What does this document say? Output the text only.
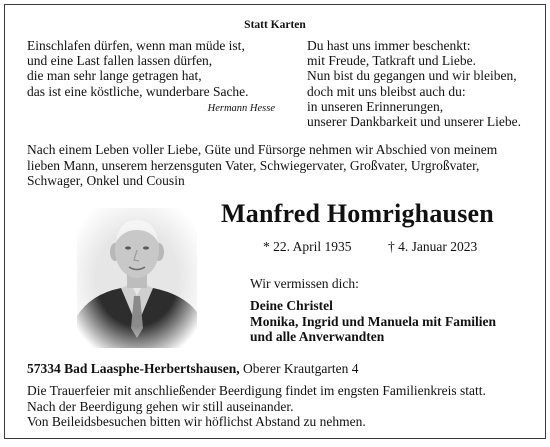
Statt Karten
Einschlafen dürfen, wenn man müde ist,
und eine Last fallen lassen dürfen,
die man sehr lange getragen hat,
das ist eine köstliche, wunderbare Sache.
Hermann Hesse
Du hast uns immer beschenkt:
mit Freude, Tatkraft und Liebe.
Nun bist du gegangen und wir bleiben,
doch mit uns bleibst auch du:
in unseren Erinnerungen,
unserer Dankbarkeit und unserer Liebe.
Nach einem Leben voller Liebe, Güte und Fürsorge nehmen wir Abschied von meinem
lieben Mann, unserem herzensguten Vater, Schwiegervater, Großvater, Urgroßvater,
Schwager, Onkel und Cousin
Manfred Homrighausen
* 22. April 1935	† 4. Januar 2023
Wir vermissen dich:
Deine Christel
Monika, Ingrid und Manuela mit Familien
und alle Anverwandten
57334 Bad Laasphe-Herbertshausen, Oberer Krautgarten 4
Die Trauerfeier mit anschließender Beerdigung findet im engsten Familienkreis statt.
Nach der Beerdigung gehen wir still auseinander.
Von Beileidsbesuchen bitten wir höflichst Abstand zu nehmen.
